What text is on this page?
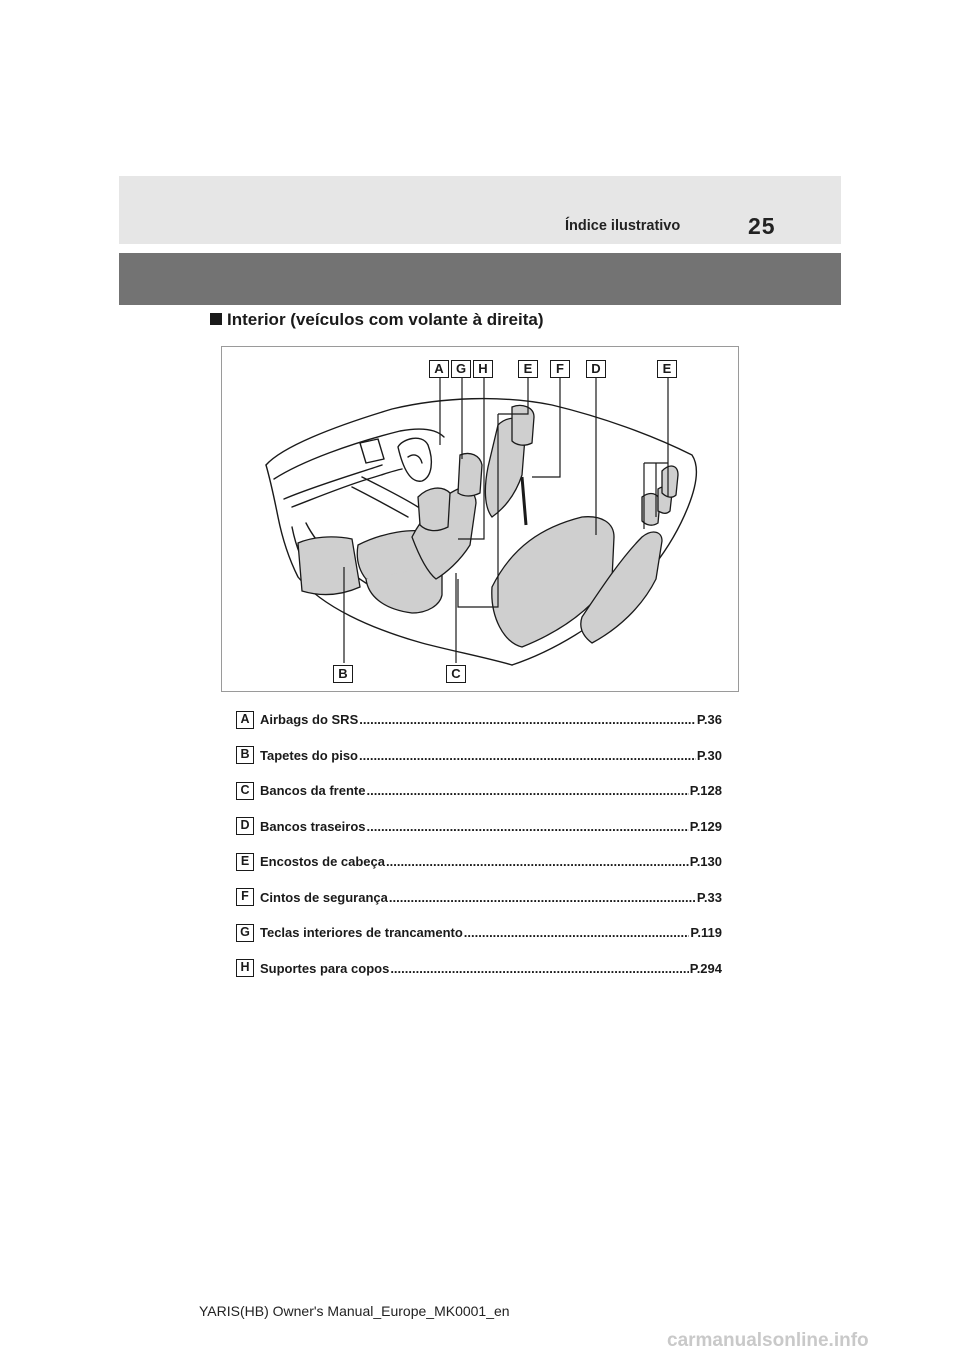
Índice ilustrativo	25
Interior (veículos com volante à direita)
A G H	E	F	D	E
B	C
A Airbags do SRS .....	P.36
B Tapetes do piso .....	P.30
C Bancos da frente .....	P.128
D Bancos traseiros .....	P.129
E Encostos de cabeça .....	P.130
F Cintos de segurança .....	P.33
G Teclas interiores de trancamento .....	P.119
H Suportes para copos .....	P.294
YARIS(HB) Owner's Manual_Europe_MK0001_en
carmanualsonline.info
